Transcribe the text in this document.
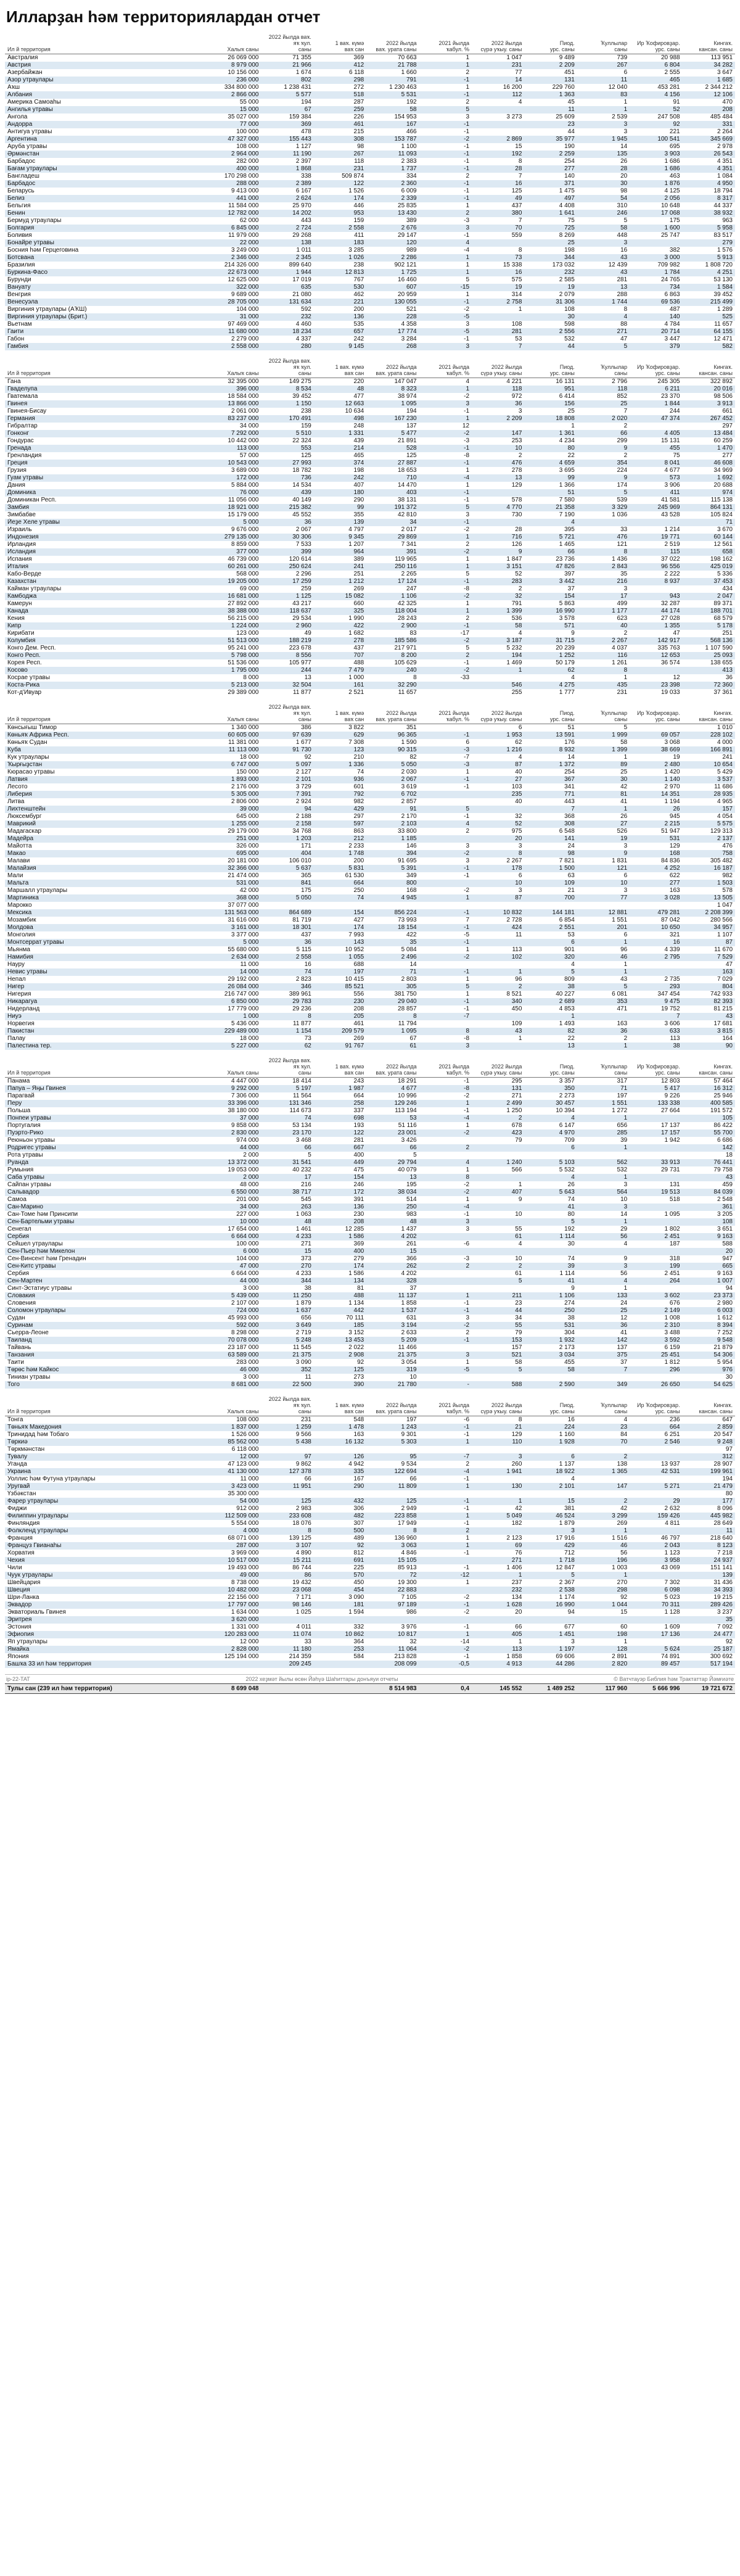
Илларҙан һәм территориялардан отчет
Ил й территория	Халыҡ саны	2022 йылда ваҡ. яҡ ҡул.
саны	1 ваҡ. күмә
ваҡ сан	2022 йылда
ваҡ. урата саны	2021 йылда
ҡабул. %	2022 йылда
сүрә уҡыу. саны	Пиод.
урс. саны	Ҡуллылар
саны	Ир Ҡофировҙар.
урс. саны	Кингаҡ.
кансан. саны
Австралия	26 069 000	71 355	369	70 663	1	1 047	9 489	739	20 988	113 951
Австрия	8 979 000	21 966	412	21 788	1	231	2 209	267	6 804	34 282
Азербайжан	10 156 000	1 674	6 118	1 660	2	77	451	6	2 555	3 647
Азор утраулары	236 000	802	298	791	-1	14	131	11	465	1 685
Аҡш	334 800 000	1 238 431	272	1 230 463	1	16 200	229 760	12 040	453 281	2 344 212
Албания	2 866 000	5 577	518	5 531	-1	112	1 363	83	4 156	12 106
Америка Самоаһы	55 000	194	287	192	2	4	45	1	91	470
Ангилья утравы	15 000	67	259	58	5		11	1	52	208
Ангола	35 027 000	159 384	226	154 953	3	3 273	25 609	2 539	247 508	485 484
Андорра	77 000	369	461	167	-1		23	3	92	331
Антигуа утравы	100 000	478	215	466	-1		44	3	221	2 264
Аргентина	47 327 000	155 443	308	153 787	-2	2 869	35 977	1 945	100 541	345 669
Аруба утравы	108 000	1 127	98	1 100	-1	15	190	14	695	2 978
Әрмәнстан	2 964 000	11 190	267	11 093	-1	192	2 259	135	3 903	26 543
Барбадос	282 000	2 397	118	2 383	-1	8	254	26	1 686	4 351
Бағам утраулары	400 000	1 868	231	1 737	-1	28	277	28	1 686	4 351
Бангладеш	170 298 000	338	509 874	334	2	7	140	20	463	1 084
Барбадос	288 000	2 389	122	2 360	-1	16	371	30	1 876	4 950
Беларусь	9 413 000	6 167	1 526	6 009	-1	125	1 475	98	4 125	18 794
Белиз	441 000	2 624	174	2 339	-1	49	497	54	2 056	8 317
Бельгия	11 584 000	25 970	446	25 835	1	437	4 408	310	10 648	44 337
Бенин	12 782 000	14 202	953	13 430	2	380	1 641	246	17 068	38 932
Бермуд утраулары	62 000	443	159	389	-3	7	75	5	175	963
Болгария	6 845 000	2 724	2 558	2 676	3	70	725	58	1 600	5 958
Боливия	11 979 000	29 268	411	29 147	-1	559	8 269	448	25 747	83 517
Бонайре утравы	22 000	138	183	120	4		25	3		279
Босния һәм Герцеговина	3 249 000	1 011	3 285	989	-4	8	198	16	382	1 576
Ботсвана	2 346 000	2 345	1 026	2 286	1	73	344	43	3 000	5 913
Бразилия	214 326 000	899 640	238	902 121	1	15 338	173 032	12 439	709 982	1 808 720
Буркина-Фасо	22 673 000	1 944	12 813	1 725	1	16	232	43	1 784	4 251
Бурунди	12 625 000	17 019	767	16 460	5	575	2 585	281	24 765	53 130
Вануату	322 000	635	530	607	-15	19	19	13	734	1 584
Венгрия	9 689 000	21 080	462	20 959	1	314	2 079	288	6 863	39 452
Венесуэла	28 705 000	131 634	221	130 055	-1	2 758	31 306	1 744	69 536	215 499
Виргиния утраулары (АҠШ)	104 000	592	200	521	-2	1	108	8	487	1 289
Виргиния утраулары (Брит.)	31 000	232	136	228	-5		30	4	140	525
Вьетнам	97 469 000	4 460	535	4 358	3	108	598	88	4 784	11 657
Гаити	11 680 000	18 234	657	17 774	-5	281	2 556	271	20 714	64 155
Габон	2 279 000	4 337	242	3 284	-1	53	532	47	3 447	12 471
Гамбия	2 558 000	280	9 145	268	3	7	44	5	379	582
Ил й территория	Халыҡ саны	2022 йылда ваҡ. яҡ ҡул.
саны	1 ваҡ. күмә
ваҡ сан	2022 йылда
ваҡ. урата саны	2021 йылда
ҡабул. %	2022 йылда
сүрә уҡыу. саны	Пиод.
урс. саны	Ҡуллылар
саны	Ир Ҡофировҙар.
урс. саны	Кингаҡ.
кансан. саны
Гана	32 395 000	149 275	220	147 047	4	4 221	16 131	2 796	245 305	322 892
Гваделупа	396 000	8 534	48	8 323	1	118	951	118	6 211	20 016
Гватемала	18 584 000	39 452	477	38 974	-2	972	6 414	852	23 370	98 506
Гвинея	13 866 000	1 150	12 663	1 095	3	36	156	25	1 844	3 913
Гвинея-Бисау	2 061 000	238	10 634	194	-1	3	25	7	244	661
Германия	83 237 000	170 491	498	167 230	1	2 209	18 808	2 020	47 374	267 452
Гибралтар	34 000	159	248	137	12		1	2		297
Гонконг	7 292 000	5 510	1 331	5 477	-2	147	1 361	66	4 405	13 484
Гондурас	10 442 000	22 324	439	21 891	-3	253	4 234	299	15 131	60 259
Гренада	113 000	553	214	528	-1	10	80	9	455	1 470
Гренландия	57 000	125	465	125	-8	2	22	2	75	277
Греция	10 543 000	27 993	374	27 887	-1	476	4 659	354	8 041	46 608
Грузия	3 689 000	18 782	198	18 653	1	278	3 695	224	4 677	34 969
Гуам утравы	172 000	736	242	710	-4	13	99	9	573	1 692
Дания	5 884 000	14 534	407	14 470	1	129	1 366	174	3 906	20 688
Доминика	76 000	439	180	403	-1		51	5	411	974
Доминикан Респ.	11 056 000	40 149	290	38 131	-1	578	7 580	539	41 581	115 138
Замбия	18 921 000	215 382	99	191 372	5	4 770	21 358	3 329	245 969	864 131
Зимбабве	15 179 000	45 552	355	42 810	3	730	7 190	1 036	43 528	105 824
Йеҙе Хеле утравы	5 000	36	139	34	-1		4			71
Израиль	9 676 000	2 067	4 797	2 017	-2	28	395	33	1 214	3 670
Индонезия	279 135 000	30 306	9 345	29 869	1	716	5 721	476	19 771	60 144
Ирландия	8 859 000	7 533	1 207	7 341	2	126	1 465	121	2 519	12 561
Исландия	377 000	399	964	391	-2	9	66	8	115	658
Испания	46 739 000	120 614	389	119 965	1	1 847	23 736	1 436	37 022	198 162
Италия	60 261 000	250 624	241	250 116	1	3 151	47 826	2 843	96 556	425 019
Кабо-Верде	568 000	2 296	251	2 265	5	52	397	35	2 222	5 336
Казахстан	19 205 000	17 259	1 212	17 124	-1	283	3 442	216	8 937	37 453
Кайман утраулары	69 000	259	269	247	-8	2	37	3		434
Камбоджа	16 681 000	1 125	15 082	1 106	-2	32	154	17	943	2 047
Камерун	27 892 000	43 217	660	42 325	1	791	5 863	499	32 287	89 371
Канада	38 388 000	118 637	325	118 004	1	1 399	16 990	1 177	44 174	188 701
Кения	56 215 000	29 534	1 990	28 243	2	536	3 578	623	27 028	68 579
Кипр	1 224 000	2 960	422	2 900	-1	58	571	40	1 355	5 178
Кирибати	123 000	49	1 682	83	-17	4	9	2	47	251
Колумбия	51 513 000	188 219	278	185 586	-2	3 187	31 715	2 267	142 917	568 136
Конго Дем. Респ.	95 241 000	223 678	437	217 971	5	5 232	20 239	4 037	335 763	1 107 590
Конго Респ.	5 798 000	8 556	707	8 200	2	194	1 252	116	12 653	25 093
Корея Респ.	51 536 000	105 977	488	105 629	-1	1 469	50 179	1 261	36 574	138 655
Косово	1 795 000	244	7 479	240	-2	1	62	8		413
Косрае утравы	8 000	13	1 000	8	-33		4	1	12	36
Коста-Рика	5 213 000	32 504	161	32 290		546	4 275	435	23 398	72 360
Кот-д'Ивуар	29 389 000	11 877	2 521	11 657		255	1 777	231	19 033	37 361
Ил й территория	Халыҡ саны	2022 йылда ваҡ. яҡ ҡул.
саны	1 ваҡ. күмә
ваҡ сан	2022 йылда
ваҡ. урата саны	2021 йылда
ҡабул. %	2022 йылда
сүрә уҡыу. саны	Пиод.
урс. саны	Ҡуллылар
саны	Ир Ҡофировҙар.
урс. саны	Кингаҡ.
кансан. саны
Көнсығыш Тимор	1 340 000	386	3 822	351		6	51	5		1 010
Көньяҡ Африка Респ.	60 605 000	97 639	629	96 365	-1	1 953	13 591	1 999	69 057	228 102
Көньяҡ Судан	11 381 000	1 677	7 308	1 590	6	62	176	58	3 068	4 000
Куба	11 113 000	91 730	123	90 315	-3	1 216	8 932	1 399	38 669	166 891
Кук утраулары	18 000	92	210	82	-7	4	14	1	19	241
Ҡырғыҙстан	6 747 000	5 097	1 336	5 050	-3	87	1 372	89	2 480	10 654
Кюрасао утравы	150 000	2 127	74	2 030	1	40	254	25	1 420	5 429
Латвия	1 893 000	2 101	936	2 067	-1	27	367	30	1 140	3 537
Лесото	2 176 000	3 729	601	3 619	-1	103	341	42	2 970	11 686
Либерия	5 305 000	7 391	792	6 702		235	771	81	14 351	28 935
Литва	2 806 000	2 924	982	2 857		40	443	41	1 194	4 965
Лихтенштейн	39 000	94	429	91	5		7	1	26	157
Люксембург	645 000	2 188	297	2 170	-1	32	368	26	945	4 054
Маврикий	1 255 000	2 158	597	2 103	4	52	308	27	2 215	5 575
Мадагаскар	29 179 000	34 768	863	33 800	2	975	6 548	526	51 947	129 313
Мадейра	251 000	1 203	212	1 185		20	141	19	531	2 137
Майотта	326 000	171	2 233	146	3	3	24	3	129	476
Макао	695 000	404	1 748	394	-2	8	98	9	168	758
Малави	20 181 000	106 010	200	91 695	3	2 267	7 821	1 831	84 836	305 482
Малайзия	32 366 000	5 637	5 831	5 391	-1	178	1 500	121	4 252	16 187
Мали	21 474 000	365	61 530	349	-1	6	63	6	622	982
Мальта	531 000	841	664	800		10	109	10	277	1 503
Маршалл утраулары	42 000	175	250	168	-2	3	21	3	163	578
Мартиника	368 000	5 050	74	4 945	1	87	700	77	3 028	13 505
Марокко	37 077 000									1 047
Мексика	131 563 000	864 689	154	856 224	-1	10 832	144 181	12 881	479 281	2 208 399
Мозамбик	31 616 000	81 719	427	73 993	7	2 728	6 854	1 551	87 042	280 566
Молдова	3 161 000	18 301	174	18 154	-1	424	2 551	201	10 650	34 957
Монголия	3 377 000	437	7 993	422	-5	11	53	6	321	1 107
Монтсеррат утравы	5 000	36	143	35	-1		6	1	16	87
Мьянма	55 680 000	5 115	10 952	5 084	1	113	901	96	4 339	11 670
Намибия	2 634 000	2 558	1 055	2 496	-2	102	320	46	2 795	7 529
Науру	11 000	16	688	14			4	1		47
Невис утравы	14 000	74	197	71	-1	1	5	1		163
Непал	29 192 000	2 823	10 415	2 803	1	96	809	43	2 735	7 029
Нигер	26 084 000	346	85 521	305	5	2	38	5	293	804
Нигерия	216 747 000	389 961	556	381 750	1	8 521	40 227	6 081	347 454	742 933
Никарагуа	6 850 000	29 783	230	29 040	-1	340	2 689	353	9 475	82 393
Нидерланд	17 779 000	29 236	208	28 857	-1	450	4 853	471	19 752	81 215
Ниуэ	1 000	8	205	8	-7		1		7	43
Норвегия	5 436 000	11 877	461	11 794		109	1 493	163	3 606	17 681
Пакистан	229 489 000	1 154	209 579	1 095	8	43	82	36	633	3 815
Палау	18 000	73	269	67	-8	1	22	2	113	164
Палестина тер.	5 227 000	62	91 767	61	3		13	1	38	90
Ил й территория	Халыҡ саны	2022 йылда ваҡ. яҡ ҡул.
саны	1 ваҡ. күмә
ваҡ сан	2022 йылда
ваҡ. урата саны	2021 йылда
ҡабул. %	2022 йылда
сүрә уҡыу. саны	Пиод.
урс. саны	Ҡуллылар
саны	Ир Ҡофировҙар.
урс. саны	Кингаҡ.
кансан. саны
Панама	4 447 000	18 414	243	18 291	-1	295	3 357	317	12 803	57 464
Папуа – Яңы Гвинея	9 292 000	5 197	1 987	4 677	-8	131	350	71	5 417	16 312
Парагвай	7 306 000	11 564	664	10 996	-2	271	2 273	197	9 226	25 946
Перу	33 396 000	131 346	258	129 246	1	2 499	30 457	1 551	133 338	400 585
Польша	38 180 000	114 673	337	113 194	-1	1 250	10 394	1 272	27 664	191 572
Понпеи утравы	37 000	74	698	53	-4	2	4	1		105
Португалия	9 858 000	53 134	193	51 116	1	678	6 147	656	17 137	86 422
Пуэрто-Рико	2 830 000	23 170	122	23 001	-2	423	4 970	285	17 157	55 700
Реюньон утравы	974 000	3 468	281	3 426		79	709	39	1 942	6 686
Родригес утравы	44 000	66	667	66	2		6	1		142
Рота утравы	2 000	5	400	5						18
Руанда	13 372 000	31 541	449	29 794	4	1 240	5 103	562	33 913	76 441
Румыния	19 053 000	40 232	475	40 079	1	566	5 532	532	29 731	79 758
Саба утравы	2 000	17	154	13	8		4	1		43
Сайпан утравы	48 000	216	246	195	-2	1	26	3	131	459
Сальвадор	6 550 000	38 717	172	38 034	-2	407	5 643	564	19 513	84 039
Самоа	201 000	545	391	514	1	9	74	10	518	2 548
Сан-Марино	34 000	263	136	250	-4		41	3		361
Сан-Томе һәм Принсипи	227 000	1 063	230	983	-1	10	80	14	1 095	3 205
Сен-Бартельми утравы	10 000	48	208	48	3		5	1		108
Сенегал	17 654 000	1 461	12 285	1 437	3	55	192	29	1 802	3 651
Сербия	6 664 000	4 233	1 586	4 202		61	1 114	56	2 451	9 163
Сейшел утраулары	100 000	271	369	261	-6	4	30	4	187	588
Сен-Пьер һәм Микелон	6 000	15	400	15						20
Сен-Винсент һәм Гренадин	104 000	373	279	366	-3	10	74	9	318	947
Сен-Китс утравы	47 000	270	174	262	2	2	39	3	199	665
Сербия	6 664 000	4 233	1 586	4 202		61	1 114	56	2 451	9 163
Сен-Мартен	44 000	344	134	328		5	41	4	264	1 007
Синт-Эстатиус утравы	3 000	38	81	37			9	1		94
Словакия	5 439 000	11 250	488	11 137	1	211	1 106	133	3 602	23 373
Словения	2 107 000	1 879	1 134	1 858	-1	23	274	24	676	2 980
Соломон утраулары	724 000	1 637	442	1 537	-1	44	250	25	2 149	6 003
Судан	45 993 000	656	70 111	631	3	34	38	12	1 008	1 612
Суринам	592 000	3 649	185	3 194	-2	55	531	36	2 310	8 394
Сьерра-Леоне	8 298 000	2 719	3 152	2 633	2	79	304	41	3 488	7 252
Таиланд	70 078 000	5 248	13 453	5 209	-1	153	1 932	142	3 592	9 548
Тайвань	23 187 000	11 545	2 022	11 466		157	2 173	137	6 159	21 879
Танзания	63 589 000	21 375	2 908	21 375	3	521	3 034	375	25 451	54 306
Таити	283 000	3 090	92	3 054	1	58	455	37	1 812	5 954
Төрөс һәм Кайкос	46 000	352	125	319	-5	5	58	7	296	976
Тиниан утравы	3 000	11	273	10						30
Того	8 681 000	22 500	390	21 780	-	588	2 590	349	26 650	54 625
Ил й территория	Халыҡ саны	2022 йылда ваҡ. яҡ ҡул.
саны	1 ваҡ. күмә
ваҡ сан	2022 йылда
ваҡ. урата саны	2021 йылда
ҡабул. %	2022 йылда
сүрә уҡыу. саны	Пиод.
урс. саны	Ҡуллылар
саны	Ир Ҡофировҙар.
урс. саны	Кингаҡ.
кансан. саны
Тонга	108 000	231	548	197	-6	8	16	4	236	647
Төньяҡ Македония	1 837 000	1 259	1 478	1 243	-1	21	224	23	664	2 859
Тринидад һәм Тобаго	1 526 000	9 566	163	9 301	-1	129	1 160	84	6 251	20 547
Төркиә	85 562 000	5 438	16 132	5 303	1	110	1 928	70	2 546	9 248
Төркмәнстан	6 118 000									97
Тувалу	12 000	97	126	95	-7	3	6	2		312
Уганда	47 123 000	9 862	4 942	9 534	2	260	1 137	138	13 937	28 907
Украина	41 130 000	127 378	335	122 694	-4	1 941	18 922	1 365	42 531	199 961
Уоллис һәм Футуна утраулары	11 000	66	167	66	-1		4			194
Уругвай	3 423 000	11 951	290	11 809	1	130	2 101	147	5 271	21 479
Үзбәкстан	35 300 000									80
Фарер утраулары	54 000	125	432	125	-1	1	15	2	29	177
Фиджи	912 000	2 983	306	2 949	-1	42	381	42	2 632	8 096
Филиппин утраулары	112 509 000	233 608	482	223 858	1	5 049	46 524	3 299	159 426	445 982
Финляндия	5 554 000	18 076	307	17 949	-1	182	1 879	269	4 811	28 649
Фолкленд утраулары	4 000	8	500	8	2		3	1		11
Франция	68 071 000	139 125	489	136 960	1	2 123	17 916	1 516	46 797	218 640
Француз Гвианаһы	287 000	3 107	92	3 063	1	69	429	46	2 043	8 123
Хорватия	3 969 000	4 890	812	4 846	-1	76	712	56	1 123	7 218
Чехия	10 517 000	15 211	691	15 105		271	1 718	196	3 958	24 937
Чили	19 493 000	86 744	225	85 913	-1	1 406	12 847	1 003	43 069	151 141
Чуук утраулары	49 000	86	570	72	-12	1	5	1		139
Швейцария	8 738 000	19 432	450	19 300	1	237	2 367	270	7 302	31 436
Швеция	10 482 000	23 068	454	22 883		232	2 538	298	6 098	34 393
Шри-Ланка	22 156 000	7 171	3 090	7 105	-2	134	1 174	92	5 023	19 215
Эквадор	17 797 000	98 146	181	97 189	-1	1 628	16 990	1 044	70 311	289 426
Экваториаль Гвинея	1 634 000	1 025	1 594	986	-2	20	94	15	1 128	3 237
Эритрея	3 620 000									35
Эстония	1 331 000	4 011	332	3 976	-1	66	677	60	1 609	7 092
Эфиопия	120 283 000	11 074	10 862	10 817	1	405	1 451	198	17 136	24 477
Яп утраулары	12 000	33	364	32	-14	1	3	1		92
Ямайка	2 828 000	11 180	253	11 064	-2	113	1 197	128	5 624	25 187
Япония	125 194 000	214 359	584	213 828	-1	1 858	69 606	2 891	74 891	300 692
Башҡа 33 ил һәм территория		209 245		208 099	-0,5	4 913	44 286	2 820	89 457	517 194
ip-22-TAT	2022 хеҙмәт йылы өсөн Йәһүә Шаһиттары донъяуи отчеты	© Ватчтауэр Библия һәм Трактаттар Йәмғиәте
Тулы сан (239 ил һәм территория)	8 699 048			8 514 983	0,4	145 552	1 489 252	117 960	5 666 996	19 721 672
